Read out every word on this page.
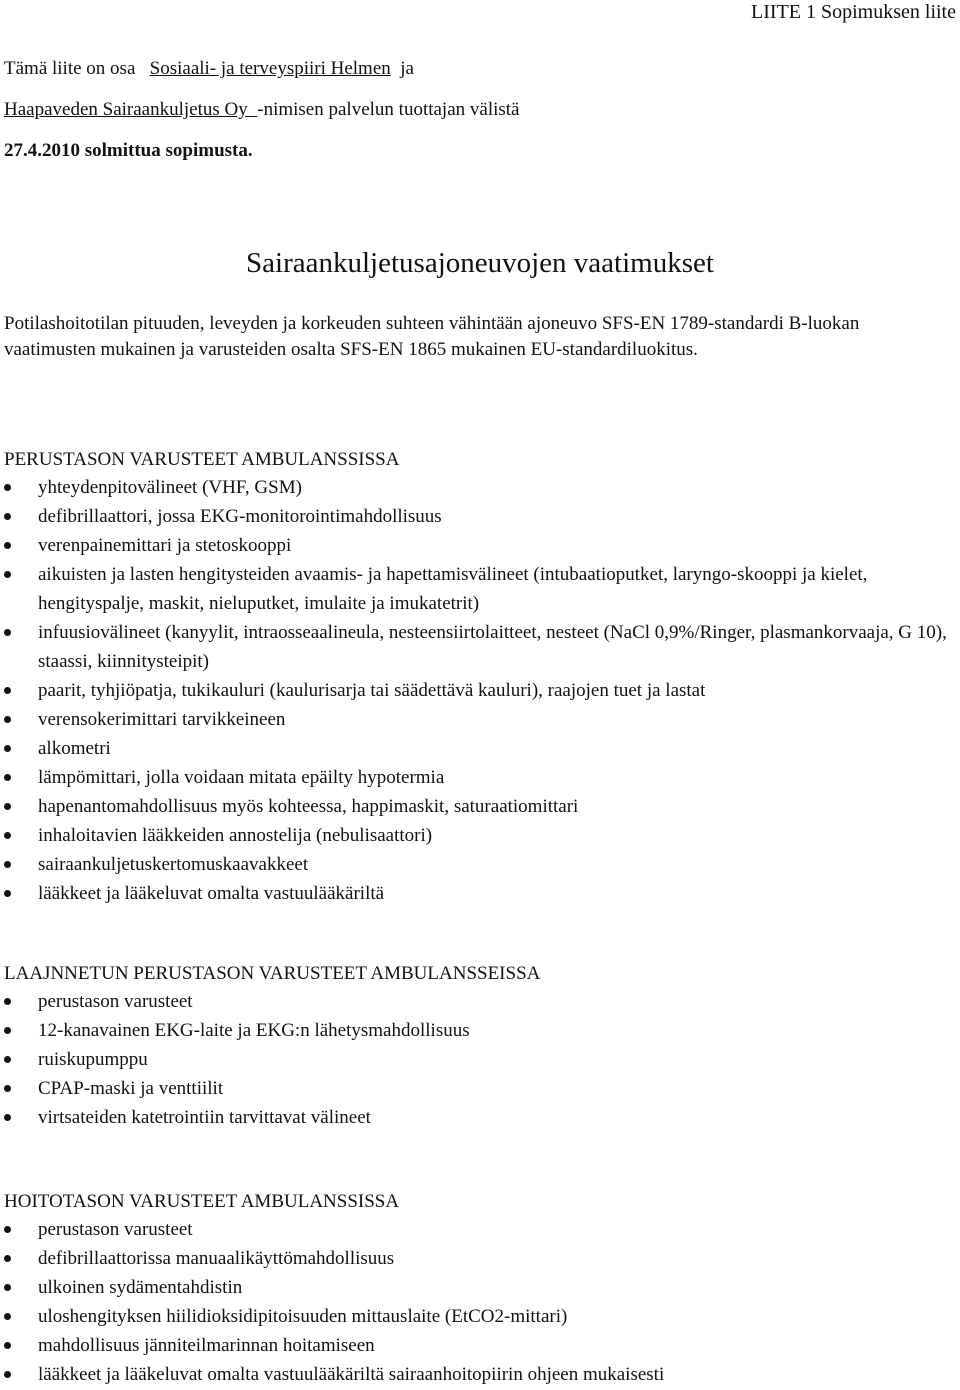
LIITE 1 Sopimuksen liite
Tämä liite on osa Sosiaali- ja terveyspiiri Helmen ja
Haapaveden Sairaankuljetus Oy -nimisen palvelun tuottajan välistä
27.4.2010 solmittua sopimusta.
Sairaankuljetusajoneuvojen vaatimukset
Potilashoitotilan pituuden, leveyden ja korkeuden suhteen vähintään ajoneuvo SFS-EN 1789-standardi B-luokan vaatimusten mukainen ja varusteiden osalta SFS-EN 1865 mukainen EU-standardiluokitus.
PERUSTASON VARUSTEET AMBULANSSISSA
yhteydenpitovälineet (VHF, GSM)
defibrillaattori, jossa EKG-monitorointimahdollisuus
verenpainemittari ja stetoskooppi
aikuisten ja lasten hengitysteiden avaamis- ja hapettamisvälineet (intubaatioputket, laryngo-skooppi ja kielet, hengityspalje, maskit, nieluputket, imulaite ja imukatetrit)
infuusiovälineet (kanyylit, intraosseaalineula, nesteensiirtolaitteet, nesteet (NaCl 0,9%/Ringer, plasmankorvaaja, G 10), staassi, kiinnitysteipit)
paarit, tyhjiöpatja, tukikauluri (kaulurisarja tai säädettävä kauluri), raajojen tuet ja lastat
verensokerimittari tarvikkeineen
alkometri
lämpömittari, jolla voidaan mitata epäilty hypotermia
hapenantomahdollisuus myös kohteessa, happimaskit, saturaatiomittari
inhaloitavien lääkkeiden annostelija (nebulisaattori)
sairaankuljetuskertomuskaavakkeet
lääkkeet ja lääkeluvat omalta vastuulääkäriltä
LAAJNNETUN PERUSTASON VARUSTEET AMBULANSSEISSA
perustason varusteet
12-kanavainen EKG-laite ja EKG:n lähetysmahdollisuus
ruiskupumppu
CPAP-maski ja venttiilit
virtsateiden katetrointiin tarvittavat välineet
HOITOTASON VARUSTEET AMBULANSSISSA
perustason varusteet
defibrillaattorissa manuaalikäyttömahdollisuus
ulkoinen sydämentahdistin
uloshengityksen hiilidioksidipitoisuuden mittauslaite (EtCO2-mittari)
mahdollisuus jänniteilmarinnan hoitamiseen
lääkkeet ja lääkeluvat omalta vastuulääkäriltä sairaanhoitopiirin ohjeen mukaisesti
